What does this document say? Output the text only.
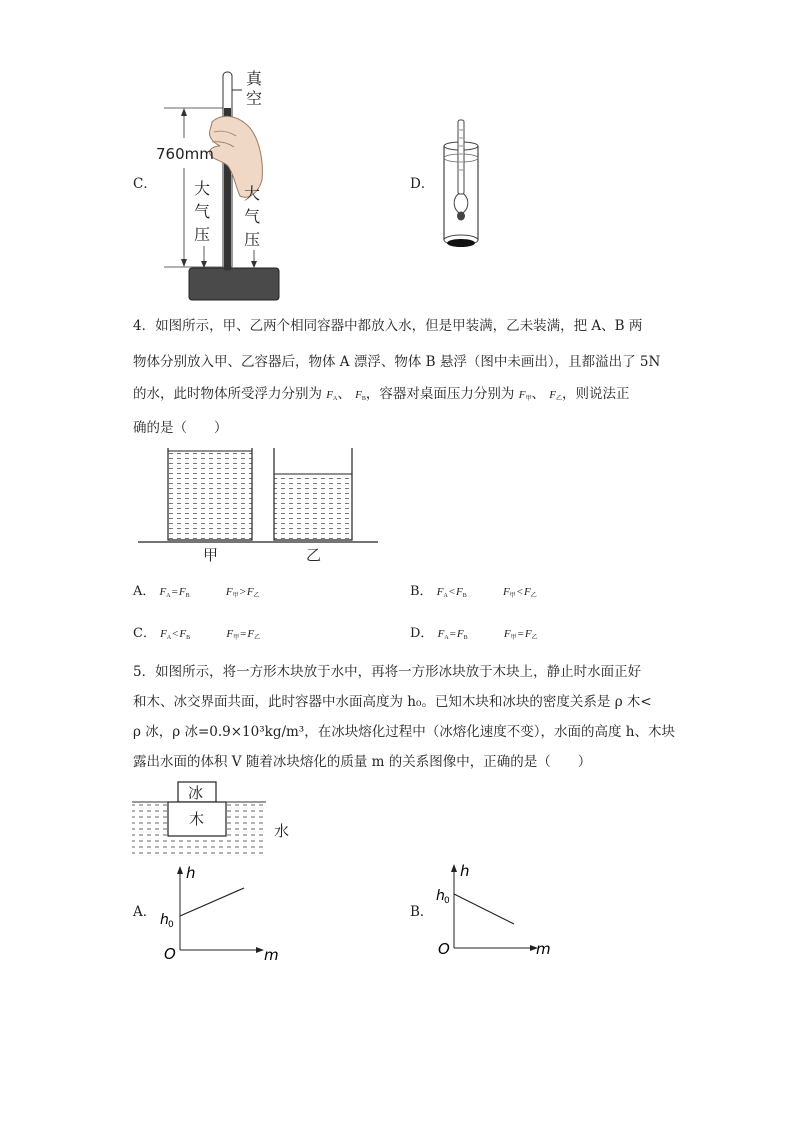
C．
真
空
760mm
大
气
压
大
气
压
D．
4．如图所示，甲、乙两个相同容器中都放入水，但是甲装满，乙未装满，把 A、B 两
物体分别放入甲、乙容器后，物体 A 漂浮、物体 B 悬浮（图中未画出），且都溢出了 5N
的水，此时物体所受浮力分别为 FA、 FB，容器对桌面压力分别为 F甲、 F乙，则说法正
确的是（　　）
甲	乙
A． FA=FB	F甲>F乙	B． FA<FB	F甲<F乙
C． FA<FB	F甲=F乙	D． FA=FB	F甲=F乙
5．如图所示，将一方形木块放于水中，再将一方形冰块放于木块上，静止时水面正好
和木、冰交界面共面，此时容器中水面高度为 h₀。已知木块和冰块的密度关系是 ρ 木<
ρ 冰，ρ 冰=0.9×10³kg/m³，在冰块熔化过程中（冰熔化速度不变），水面的高度 h、木块
露出水面的体积 V 随着冰块熔化的质量 m 的关系图像中，正确的是（　　）
冰
木
水
A．
h
m
O
h 0
B．
h
m
O
h 0
